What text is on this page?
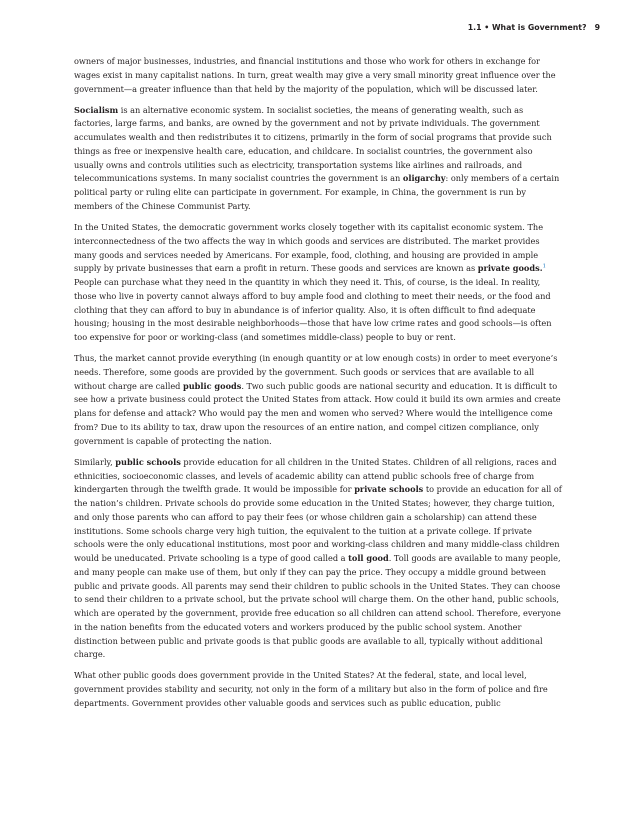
1.1 • What is Government? 9

owners of major businesses, industries, and financial institutions and those who work for others in exchange for wages exist in many capitalist nations. In turn, great wealth may give a very small minority great influence over the government—a greater influence than that held by the majority of the population, which will be discussed later.

Socialism is an alternative economic system. In socialist societies, the means of generating wealth, such as factories, large farms, and banks, are owned by the government and not by private individuals. The government accumulates wealth and then redistributes it to citizens, primarily in the form of social programs that provide such things as free or inexpensive health care, education, and childcare. In socialist countries, the government also usually owns and controls utilities such as electricity, transportation systems like airlines and railroads, and telecommunications systems. In many socialist countries the government is an oligarchy: only members of a certain political party or ruling elite can participate in government. For example, in China, the government is run by members of the Chinese Communist Party.

In the United States, the democratic government works closely together with its capitalist economic system. The interconnectedness of the two affects the way in which goods and services are distributed. The market provides many goods and services needed by Americans. For example, food, clothing, and housing are provided in ample supply by private businesses that earn a profit in return. These goods and services are known as private goods.$^1$ People can purchase what they need in the quantity in which they need it. This, of course, is the ideal. In reality, those who live in poverty cannot always afford to buy ample food and clothing to meet their needs, or the food and clothing that they can afford to buy in abundance is of inferior quality. Also, it is often difficult to find adequate housing; housing in the most desirable neighborhoods—those that have low crime rates and good schools—is often too expensive for poor or working-class (and sometimes middle-class) people to buy or rent.

Thus, the market cannot provide everything (in enough quantity or at low enough costs) in order to meet everyone’s needs. Therefore, some goods are provided by the government. Such goods or services that are available to all without charge are called public goods. Two such public goods are national security and education. It is difficult to see how a private business could protect the United States from attack. How could it build its own armies and create plans for defense and attack? Who would pay the men and women who served? Where would the intelligence come from? Due to its ability to tax, draw upon the resources of an entire nation, and compel citizen compliance, only government is capable of protecting the nation.

Similarly, public schools provide education for all children in the United States. Children of all religions, races and ethnicities, socioeconomic classes, and levels of academic ability can attend public schools free of charge from kindergarten through the twelfth grade. It would be impossible for private schools to provide an education for all of the nation’s children. Private schools do provide some education in the United States; however, they charge tuition, and only those parents who can afford to pay their fees (or whose children gain a scholarship) can attend these institutions. Some schools charge very high tuition, the equivalent to the tuition at a private college. If private schools were the only educational institutions, most poor and working-class children and many middle-class children would be uneducated. Private schooling is a type of good called a toll good. Toll goods are available to many people, and many people can make use of them, but only if they can pay the price. They occupy a middle ground between public and private goods. All parents may send their children to public schools in the United States. They can choose to send their children to a private school, but the private school will charge them. On the other hand, public schools, which are operated by the government, provide free education so all children can attend school. Therefore, everyone in the nation benefits from the educated voters and workers produced by the public school system. Another distinction between public and private goods is that public goods are available to all, typically without additional charge.

What other public goods does government provide in the United States? At the federal, state, and local level, government provides stability and security, not only in the form of a military but also in the form of police and fire departments. Government provides other valuable goods and services such as public education, public
